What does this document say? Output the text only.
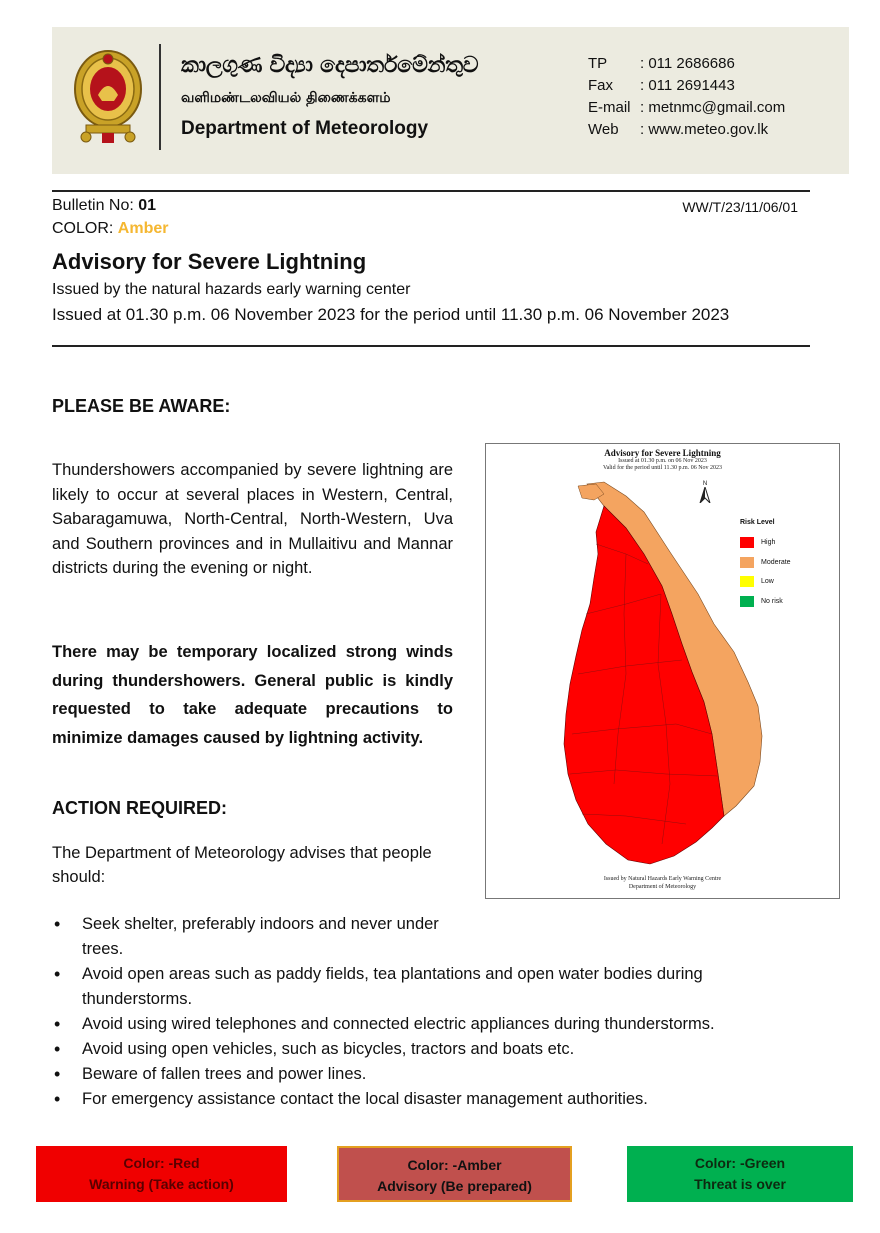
කාලගුණ විද්‍යා දෙපාර්තමේන්තුව
வளிமண்டலவியல் திணைக்களம்
Department of Meteorology
TP	: 011 2686686
Fax	: 011 2691443
E-mail : metnmc@gmail.com
Web	: www.meteo.gov.lk
Bulletin No: 01	WW/T/23/11/06/01
COLOR: Amber
Advisory for Severe Lightning
Issued by the natural hazards early warning center
Issued at 01.30 p.m. 06 November 2023 for the period until 11.30 p.m. 06 November 2023
PLEASE BE AWARE:
Thundershowers accompanied by severe lightning are likely to occur at several places in Western, Central, Sabaragamuwa, North-Central, North-Western, Uva and Southern provinces and in Mullaitivu and Mannar districts during the evening or night.
There may be temporary localized strong winds during thundershowers. General public is kindly requested to take adequate precautions to minimize damages caused by lightning activity.
ACTION REQUIRED:
The Department of Meteorology advises that people should:
• Seek shelter, preferably indoors and never under trees.
• Avoid open areas such as paddy fields, tea plantations and open water bodies during thunderstorms.
• Avoid using wired telephones and connected electric appliances during thunderstorms.
• Avoid using open vehicles, such as bicycles, tractors and boats etc.
• Beware of fallen trees and power lines.
• For emergency assistance contact the local disaster management authorities.
Advisory for Severe Lightning
Issued at 01.30 p.m. on 06 Nov 2023
Valid for the period until 11.30 p.m. 06 Nov 2023
N
Risk Level
High
Moderate
Low
No risk
Issued by Natural Hazards Early Warning Centre
Department of Meteorology
Color: -Red
Warning (Take action)
Color: -Amber
Advisory (Be prepared)
Color: -Green
Threat is over
